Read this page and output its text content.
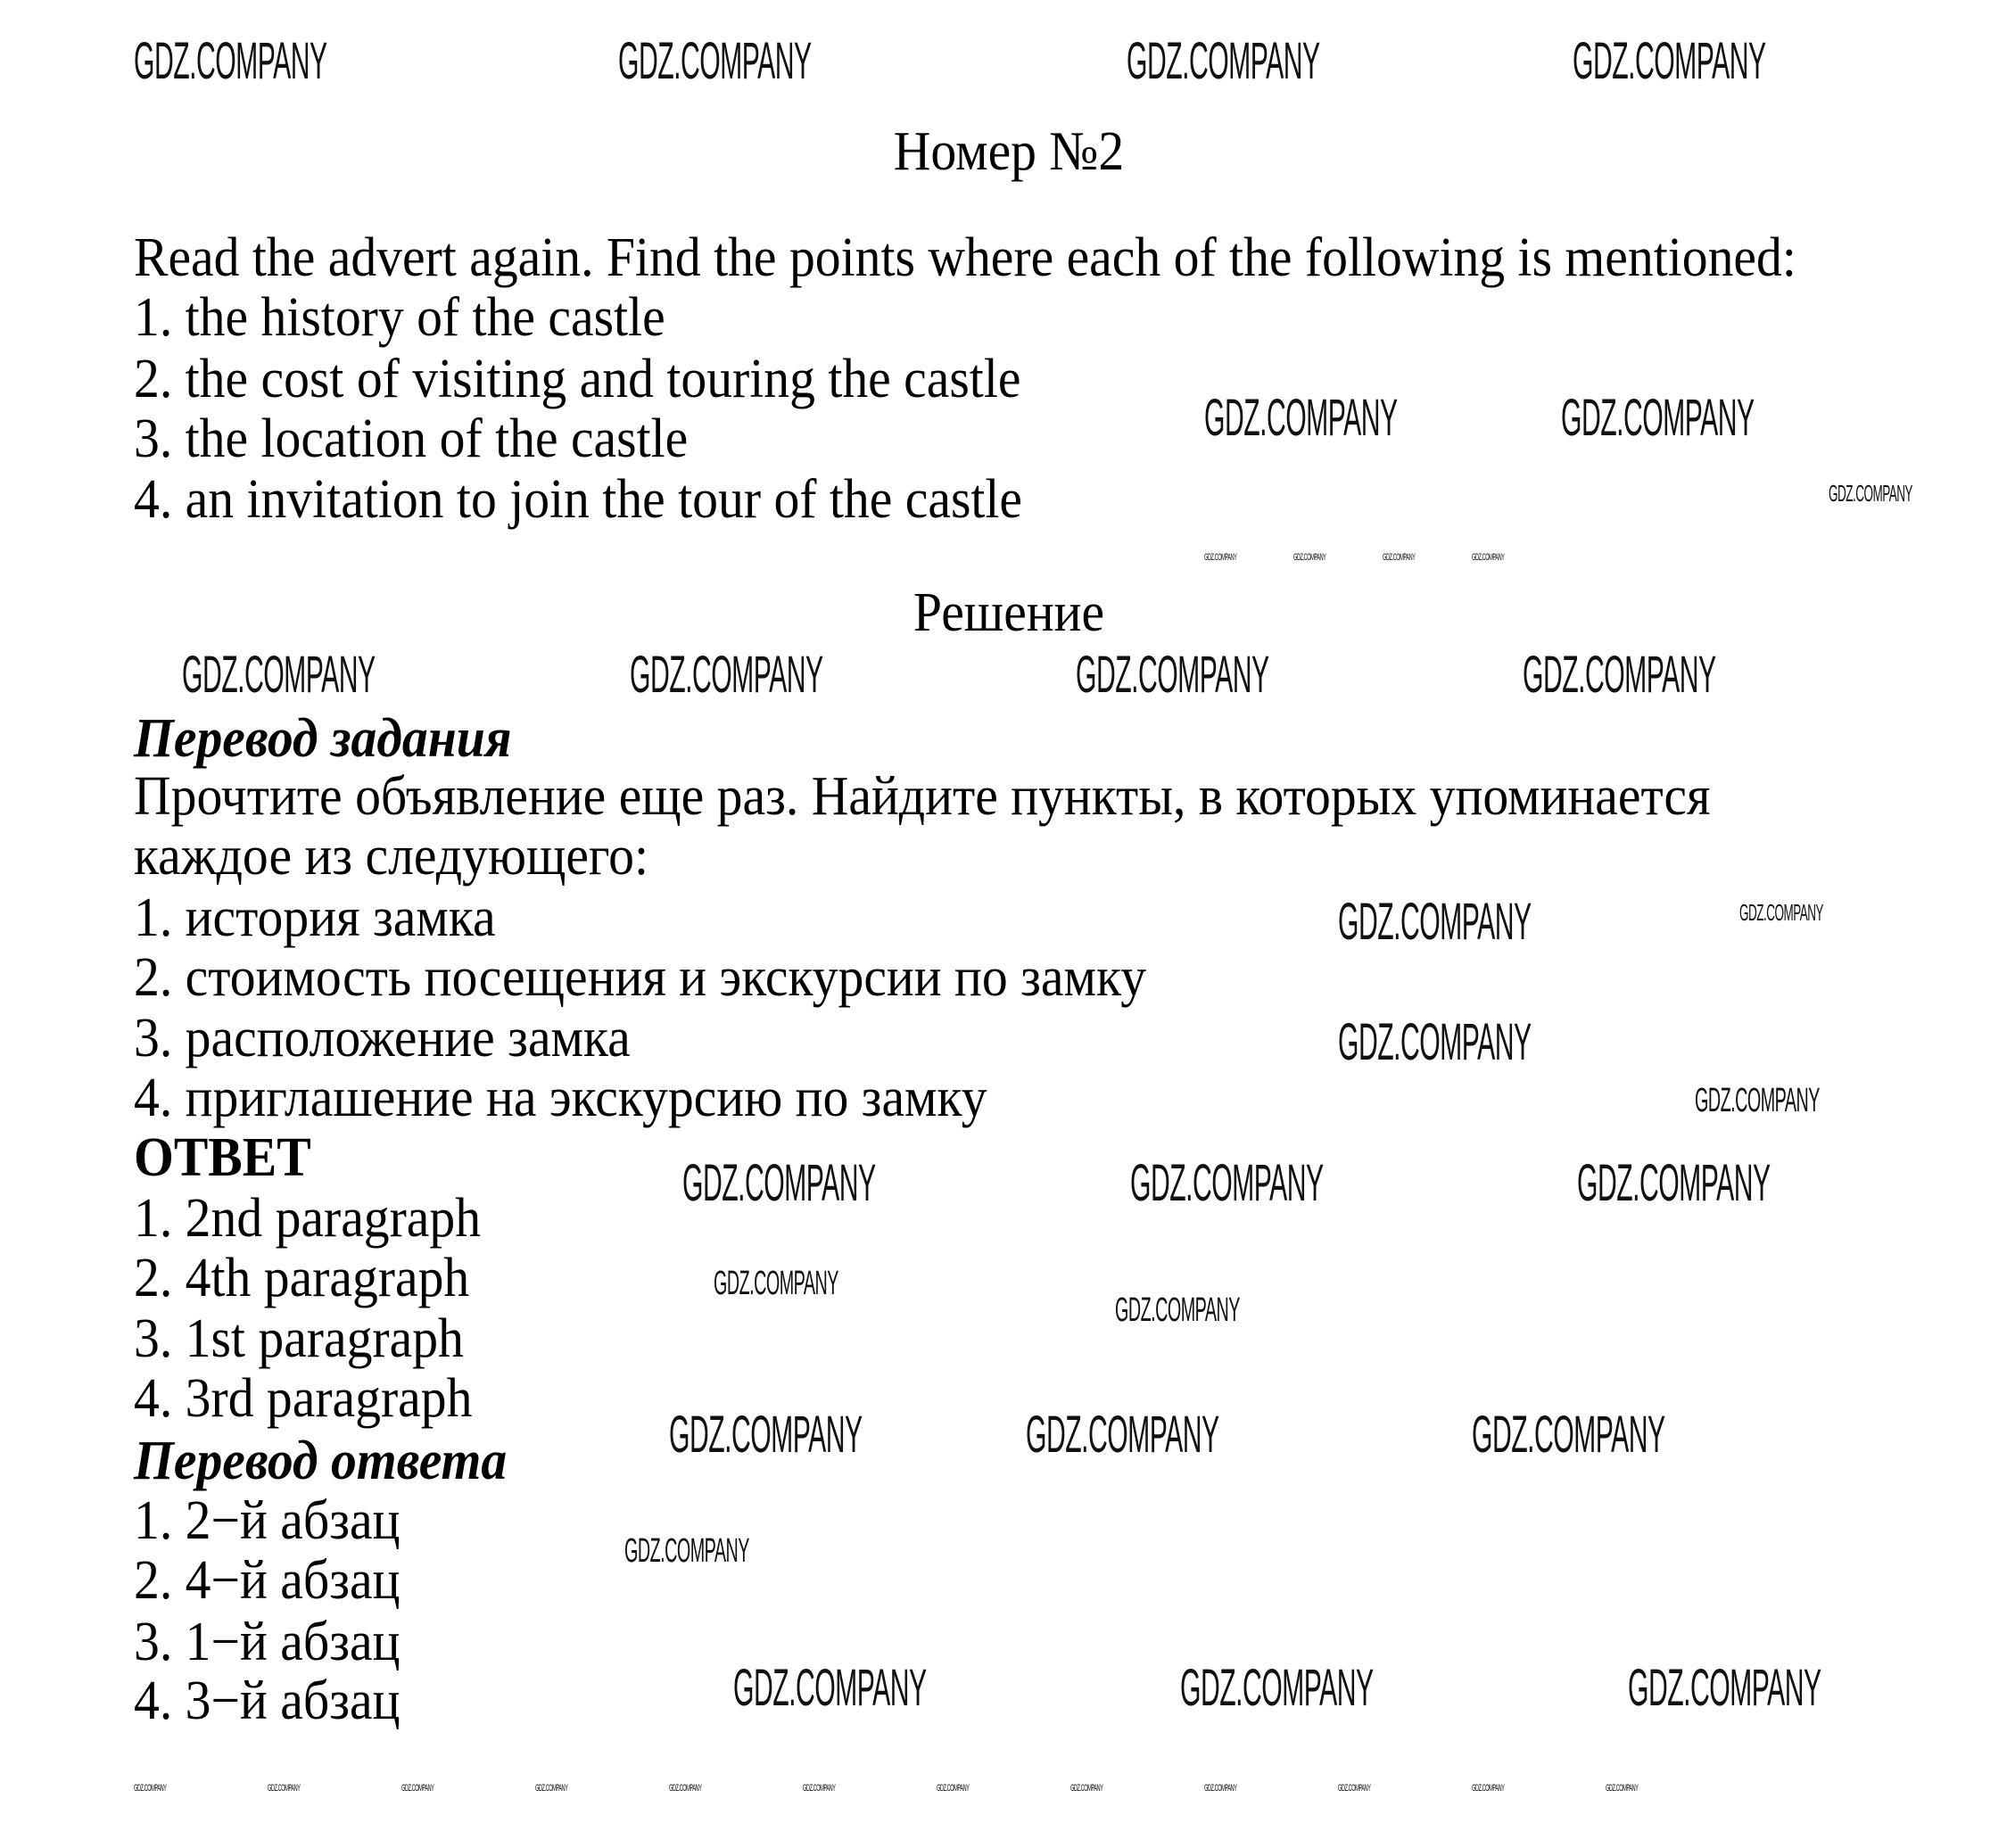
Номер №2
Read the advert again. Find the points where each of the following is mentioned:
1. the history of the castle
2. the cost of visiting and touring the castle
3. the location of the castle
4. an invitation to join the tour of the castle
Решение
Перевод задания
Прочтите объявление еще раз. Найдите пункты, в которых упоминается
каждое из следующего:
1. история замка
2. стоимость посещения и экскурсии по замку
3. расположение замка
4. приглашение на экскурсию по замку
ОТВЕТ
1. 2nd paragraph
2. 4th paragraph
3. 1st paragraph
4. 3rd paragraph
Перевод ответа
1. 2−й абзац
2. 4−й абзац
3. 1−й абзац
4. 3−й абзац
GDZ.COMPANY	GDZ.COMPANY	GDZ.COMPANY
GDZ.COMPANY
GDZ.COMPANY	GDZ.COMPANY
GDZ.COMPANY
GDZ.COMPANY	GDZ.COMPANY	GDZ.COMPANY	GDZ.COMPANY
GDZ.COMPANY	GDZ.COMPANY	GDZ.COMPANY
GDZ.COMPANY
GDZ.COMPANY
GDZ.COMPANY	GDZ.COMPANY
GDZ.COMPANY	GDZ.COMPANY
GDZ.COMPANY
GDZ.COMPANY	GDZ.COMPANY	GDZ.COMPANY
GDZ.COMPANY	GDZ.COMPANY	GDZ.COMPANY
GDZ.COMPANY
GDZ.COMPANY	GDZ.COMPANY	GDZ.COMPANY
GDZ.COMPANY	GDZ.COMPANY	GDZ.COMPANY
GDZ.COMPANY
GDZ.COMPANY	GDZ.COMPANY	GDZ.COMPANY
GDZ.COMPANY
GDZ.COMPANY
GDZ.COMPANY	GDZ.COMPANY	GDZ.COMPANY
